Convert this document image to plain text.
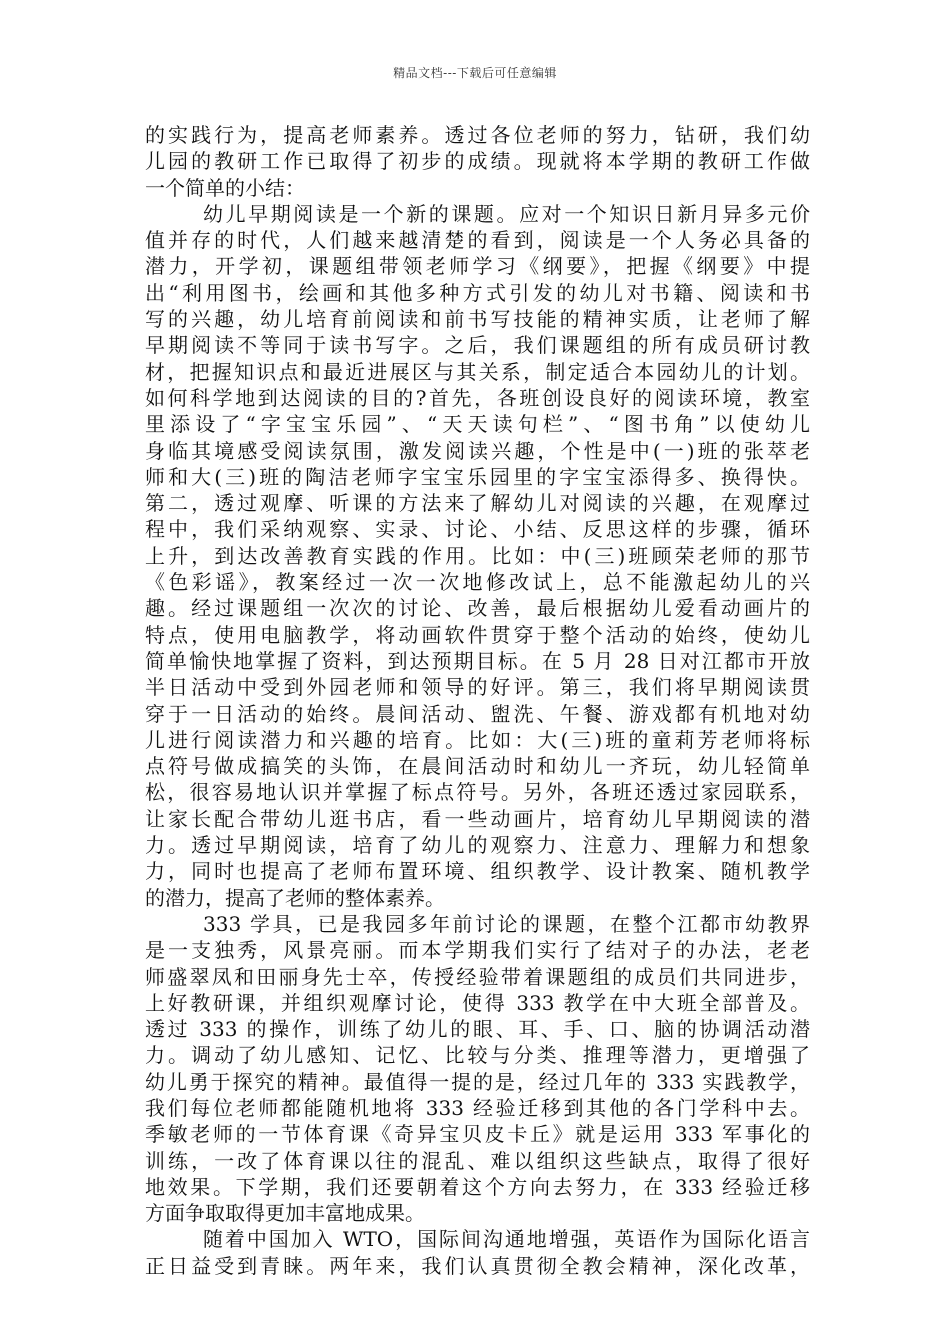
精品文档---下载后可任意编辑
的实践行为，提高老师素养。透过各位老师的努力，钻研，我们幼
儿园的教研工作已取得了初步的成绩。现就将本学期的教研工作做
一个简单的小结：
幼儿早期阅读是一个新的课题。应对一个知识日新月异多元价
值并存的时代，人们越来越清楚的看到，阅读是一个人务必具备的
潜力，开学初，课题组带领老师学习《纲要》，把握《纲要》中提
出“利用图书，绘画和其他多种方式引发的幼儿对书籍、阅读和书
写的兴趣，幼儿培育前阅读和前书写技能的精神实质，让老师了解
早期阅读不等同于读书写字。之后，我们课题组的所有成员研讨教
材，把握知识点和最近进展区与其关系，制定适合本园幼儿的计划。
如何科学地到达阅读的目的?首先，各班创设良好的阅读环境，教室
里添设了“字宝宝乐园”、“天天读句栏”、“图书角”以使幼儿
身临其境感受阅读氛围，激发阅读兴趣，个性是中(一)班的张萃老
师和大(三)班的陶洁老师字宝宝乐园里的字宝宝添得多、换得快。
第二，透过观摩、听课的方法来了解幼儿对阅读的兴趣，在观摩过
程中，我们采纳观察、实录、讨论、小结、反思这样的步骤，循环
上升，到达改善教育实践的作用。比如：中(三)班顾荣老师的那节
《色彩谣》，教案经过一次一次地修改试上，总不能激起幼儿的兴
趣。经过课题组一次次的讨论、改善，最后根据幼儿爱看动画片的
特点，使用电脑教学，将动画软件贯穿于整个活动的始终，使幼儿
简单愉快地掌握了资料，到达预期目标。在 5 月 28 日对江都市开放
半日活动中受到外园老师和领导的好评。第三，我们将早期阅读贯
穿于一日活动的始终。晨间活动、盥洗、午餐、游戏都有机地对幼
儿进行阅读潜力和兴趣的培育。比如：大(三)班的童莉芳老师将标
点符号做成搞笑的头饰，在晨间活动时和幼儿一齐玩，幼儿轻简单
松，很容易地认识并掌握了标点符号。另外，各班还透过家园联系，
让家长配合带幼儿逛书店，看一些动画片，培育幼儿早期阅读的潜
力。透过早期阅读，培育了幼儿的观察力、注意力、理解力和想象
力，同时也提高了老师布置环境、组织教学、设计教案、随机教学
的潜力，提高了老师的整体素养。
333 学具，已是我园多年前讨论的课题，在整个江都市幼教界
是一支独秀，风景亮丽。而本学期我们实行了结对子的办法，老老
师盛翠凤和田丽身先士卒，传授经验带着课题组的成员们共同进步，
上好教研课，并组织观摩讨论，使得 333 教学在中大班全部普及。
透过 333 的操作，训练了幼儿的眼、耳、手、口、脑的协调活动潜
力。调动了幼儿感知、记忆、比较与分类、推理等潜力，更增强了
幼儿勇于探究的精神。最值得一提的是，经过几年的 333 实践教学，
我们每位老师都能随机地将 333 经验迁移到其他的各门学科中去。
季敏老师的一节体育课《奇异宝贝皮卡丘》就是运用 333 军事化的
训练，一改了体育课以往的混乱、难以组织这些缺点，取得了很好
地效果。下学期，我们还要朝着这个方向去努力，在 333 经验迁移
方面争取取得更加丰富地成果。
随着中国加入 WTO，国际间沟通地增强，英语作为国际化语言
正日益受到青睐。两年来，我们认真贯彻全教会精神，深化改革，
